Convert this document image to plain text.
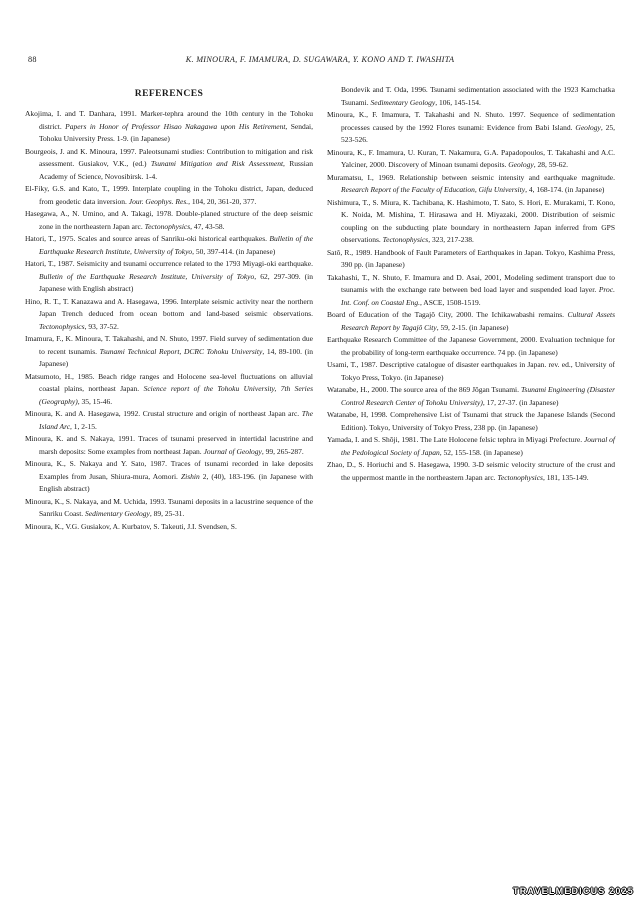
88	K. MINOURA, F. IMAMURA, D. SUGAWARA, Y. KONO AND T. IWASHITA
REFERENCES

Akojima, I. and T. Danhara, 1991. Marker-tephra around the 10th century in the Tohoku district. Papers in Honor of Professor Hisao Nakagawa upon His Retirement, Sendai, Tohoku University Press. 1-9. (in Japanese)

Bourgeois, J. and K. Minoura, 1997. Paleotsunami studies: Contribution to mitigation and risk assessment. Gusiakov, V.K., (ed.) Tsunami Mitigation and Risk Assessment, Russian Academy of Science, Novosibirsk. 1-4.

El-Fiky, G.S. and Kato, T., 1999. Interplate coupling in the Tohoku district, Japan, deduced from geodetic data inversion. Jour. Geophys. Res., 104, 20, 361-20, 377.

Hasegawa, A., N. Umino, and A. Takagi, 1978. Double-planed structure of the deep seismic zone in the northeastern Japan arc. Tectonophysics, 47, 43-58.

Hatori, T., 1975. Scales and source areas of Sanriku-oki historical earthquakes. Bulletin of the Earthquake Research Institute, University of Tokyo, 50, 397-414. (in Japanese)

Hatori, T., 1987. Seismicity and tsunami occurrence related to the 1793 Miyagi-oki earthquake. Bulletin of the Earthquake Research Institute, University of Tokyo, 62, 297-309. (in Japanese with English abstract)

Hino, R. T., T. Kanazawa and A. Hasegawa, 1996. Interplate seismic activity near the northern Japan Trench deduced from ocean bottom and land-based seismic observations. Tectonophysics, 93, 37-52.

Imamura, F., K. Minoura, T. Takahashi, and N. Shuto, 1997. Field survey of sedimentation due to recent tsunamis. Tsunami Technical Report, DCRC Tohoku University, 14, 89-100. (in Japanese)

Matsumoto, H., 1985. Beach ridge ranges and Holocene sea-level fluctuations on alluvial coastal plains, northeast Japan. Science report of the Tohoku University, 7th Series (Geography), 35, 15-46.

Minoura, K. and A. Hasegawa, 1992. Crustal structure and origin of northeast Japan arc. The Island Arc, 1, 2-15.

Minoura, K. and S. Nakaya, 1991. Traces of tsunami preserved in intertidal lacustrine and marsh deposits: Some examples from northeast Japan. Journal of Geology, 99, 265-287.

Minoura, K., S. Nakaya and Y. Sato, 1987. Traces of tsunami recorded in lake deposits Examples from Jusan, Shiura-mura, Aomori. Zishin 2, (40), 183-196. (in Japanese with English abstract)

Minoura, K., S. Nakaya, and M. Uchida, 1993. Tsunami deposits in a lacustrine sequence of the Sanriku Coast. Sedimentary Geology, 89, 25-31.

Minoura, K., V.G. Gusiakov, A. Kurbatov, S. Takeuti, J.I. Svendsen, S.

Bondevik and T. Oda, 1996. Tsunami sedimentation associated with the 1923 Kamchatka Tsunami. Sedimentary Geology, 106, 145-154.

Minoura, K., F. Imamura, T. Takahashi and N. Shuto. 1997. Sequence of sedimentation processes caused by the 1992 Flores tsunami: Evidence from Babi Island. Geology, 25, 523-526.

Minoura, K., F. Imamura, U. Kuran, T. Nakamura, G.A. Papadopoulos, T. Takahashi and A.C. Yalciner, 2000. Discovery of Minoan tsunami deposits. Geology, 28, 59-62.

Muramatsu, I., 1969. Relationship between seismic intensity and earthquake magnitude. Research Report of the Faculty of Education, Gifu University, 4, 168-174. (in Japanese)

Nishimura, T., S. Miura, K. Tachibana, K. Hashimoto, T. Sato, S. Hori, E. Murakami, T. Kono, K. Noida, M. Mishina, T. Hirasawa and H. Miyazaki, 2000. Distribution of seismic coupling on the subducting plate boundary in northeastern Japan inferred from GPS observations. Tectonophysics, 323, 217-238.

Satô, R., 1989. Handbook of Fault Parameters of Earthquakes in Japan. Tokyo, Kashima Press, 390 pp. (in Japanese)

Takahashi, T., N. Shuto, F. Imamura and D. Asai, 2001, Modeling sediment transport due to tsunamis with the exchange rate between bed load layer and suspended load layer. Proc. Int. Conf. on Coastal Eng., ASCE, 1508-1519.

Board of Education of the Tagajô City, 2000. The Ichikawabashi remains. Cultural Assets Research Report by Tagajô City, 59, 2-15. (in Japanese)

Earthquake Research Committee of the Japanese Government, 2000. Evaluation technique for the probability of long-term earthquake occurrence. 74 pp. (in Japanese)

Usami, T., 1987. Descriptive catalogue of disaster earthquakes in Japan. rev. ed., University of Tokyo Press, Tokyo. (in Japanese)

Watanabe, H., 2000. The source area of the 869 Jōgan Tsunami. Tsunami Engineering (Disaster Control Research Center of Tohoku University), 17, 27-37. (in Japanese)

Watanabe, H, 1998. Comprehensive List of Tsunami that struck the Japanese Islands (Second Edition). Tokyo, University of Tokyo Press, 238 pp. (in Japanese)

Yamada, I. and S. Shōji, 1981. The Late Holocene felsic tephra in Miyagi Prefecture. Journal of the Pedological Society of Japan, 52, 155-158. (in Japanese)

Zhao, D., S. Horiuchi and S. Hasegawa, 1990. 3-D seismic velocity structure of the crust and the uppermost mantle in the northeastern Japan arc. Tectonophysics, 181, 135-149.

TRAVELMEDICUS 2025
